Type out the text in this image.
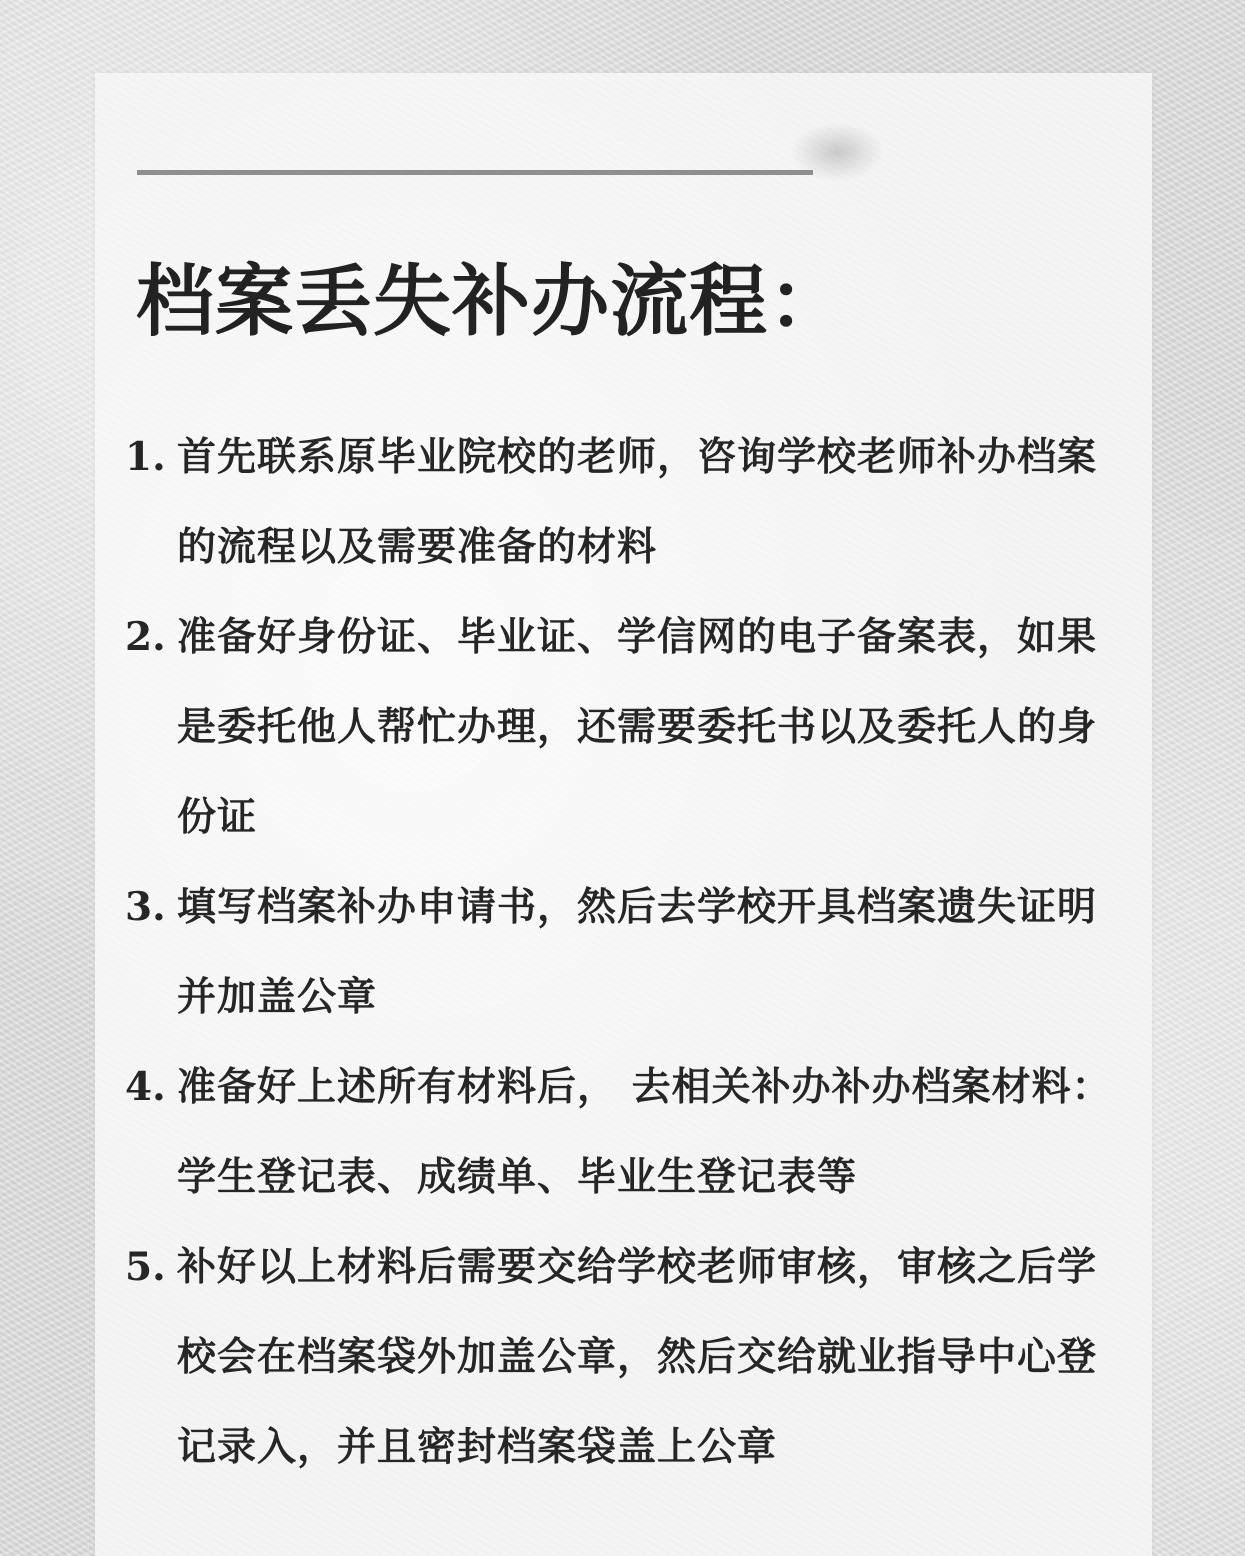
档案丢失补办流程：
1. 首先联系原毕业院校的老师，咨询学校老师补办档案的流程以及需要准备的材料
2. 准备好身份证、毕业证、学信网的电子备案表，如果是委托他人帮忙办理，还需要委托书以及委托人的身份证
3. 填写档案补办申请书，然后去学校开具档案遗失证明并加盖公章
4. 准备好上述所有材料后， 去相关补办补办档案材料：学生登记表、成绩单、毕业生登记表等
5. 补好以上材料后需要交给学校老师审核，审核之后学校会在档案袋外加盖公章，然后交给就业指导中心登记录入，并且密封档案袋盖上公章
